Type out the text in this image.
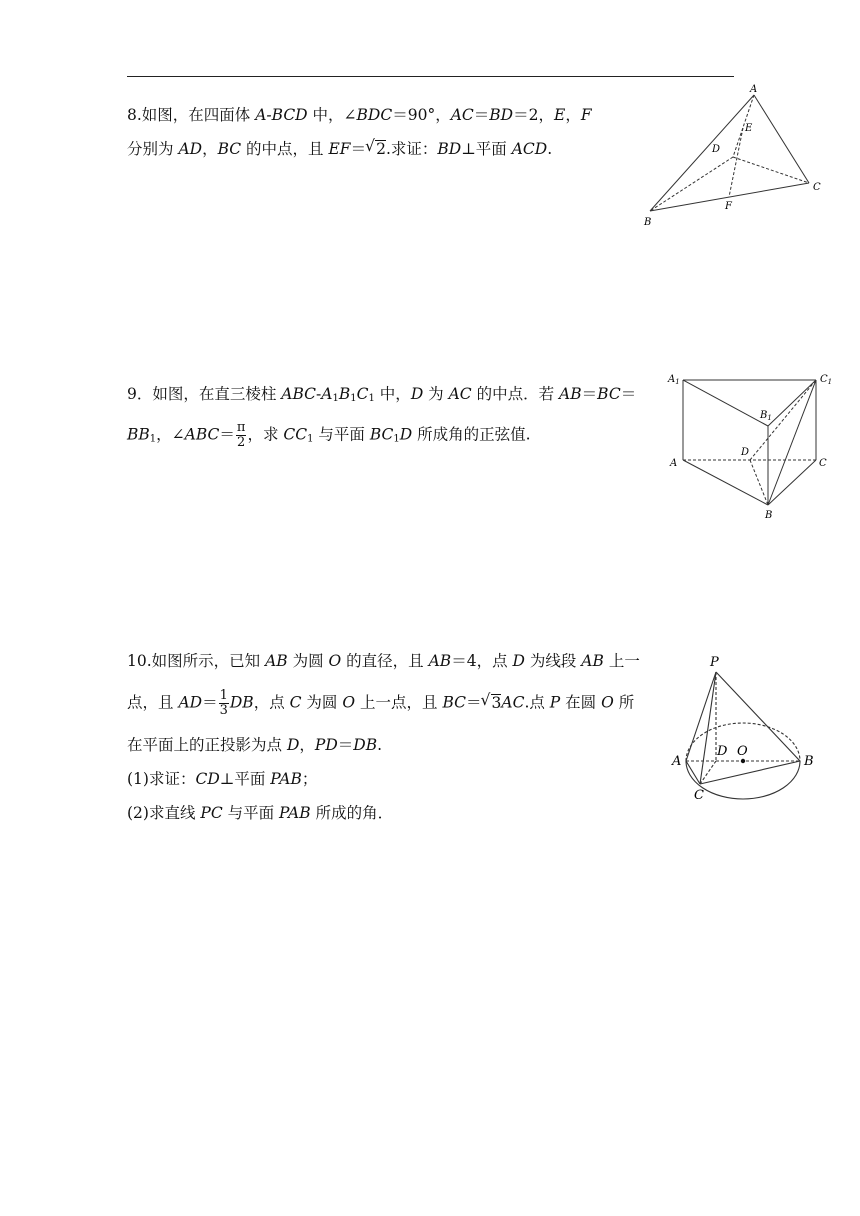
8.如图，在四面体 A-BCD 中，∠BDC＝90°，AC＝BD＝2，E，F
分别为 AD，BC 的中点，且 EF＝ √ 2.求证：BD⊥平面 ACD.
A
E
D
C
F
B
9．如图，在直三棱柱 ABC-$A_1B_1C_1$ 中，D 为 AC 的中点．若 AB＝BC＝
$BB_1$，∠ABC＝ $\frac{\pi}{2}$ ，求 $CC_1$ 与平面 $BC_1D$ 所成角的正弦值.
$A_1$	$C_1$
$B_1$
D
A	C
B
10.如图所示，已知 AB 为圆 O 的直径，且 AB＝4，点 D 为线段 AB 上一
点，且 $AD= \frac{1}{3}$ DB，点 C 为圆 O 上一点，且 BC＝ √ 3AC.点 P 在圆 O 所
在平面上的正投影为点 D，PD＝DB.
(1)求证：CD⊥平面 PAB；
(2)求直线 PC 与平面 PAB 所成的角．
P
D O
A	B
C
